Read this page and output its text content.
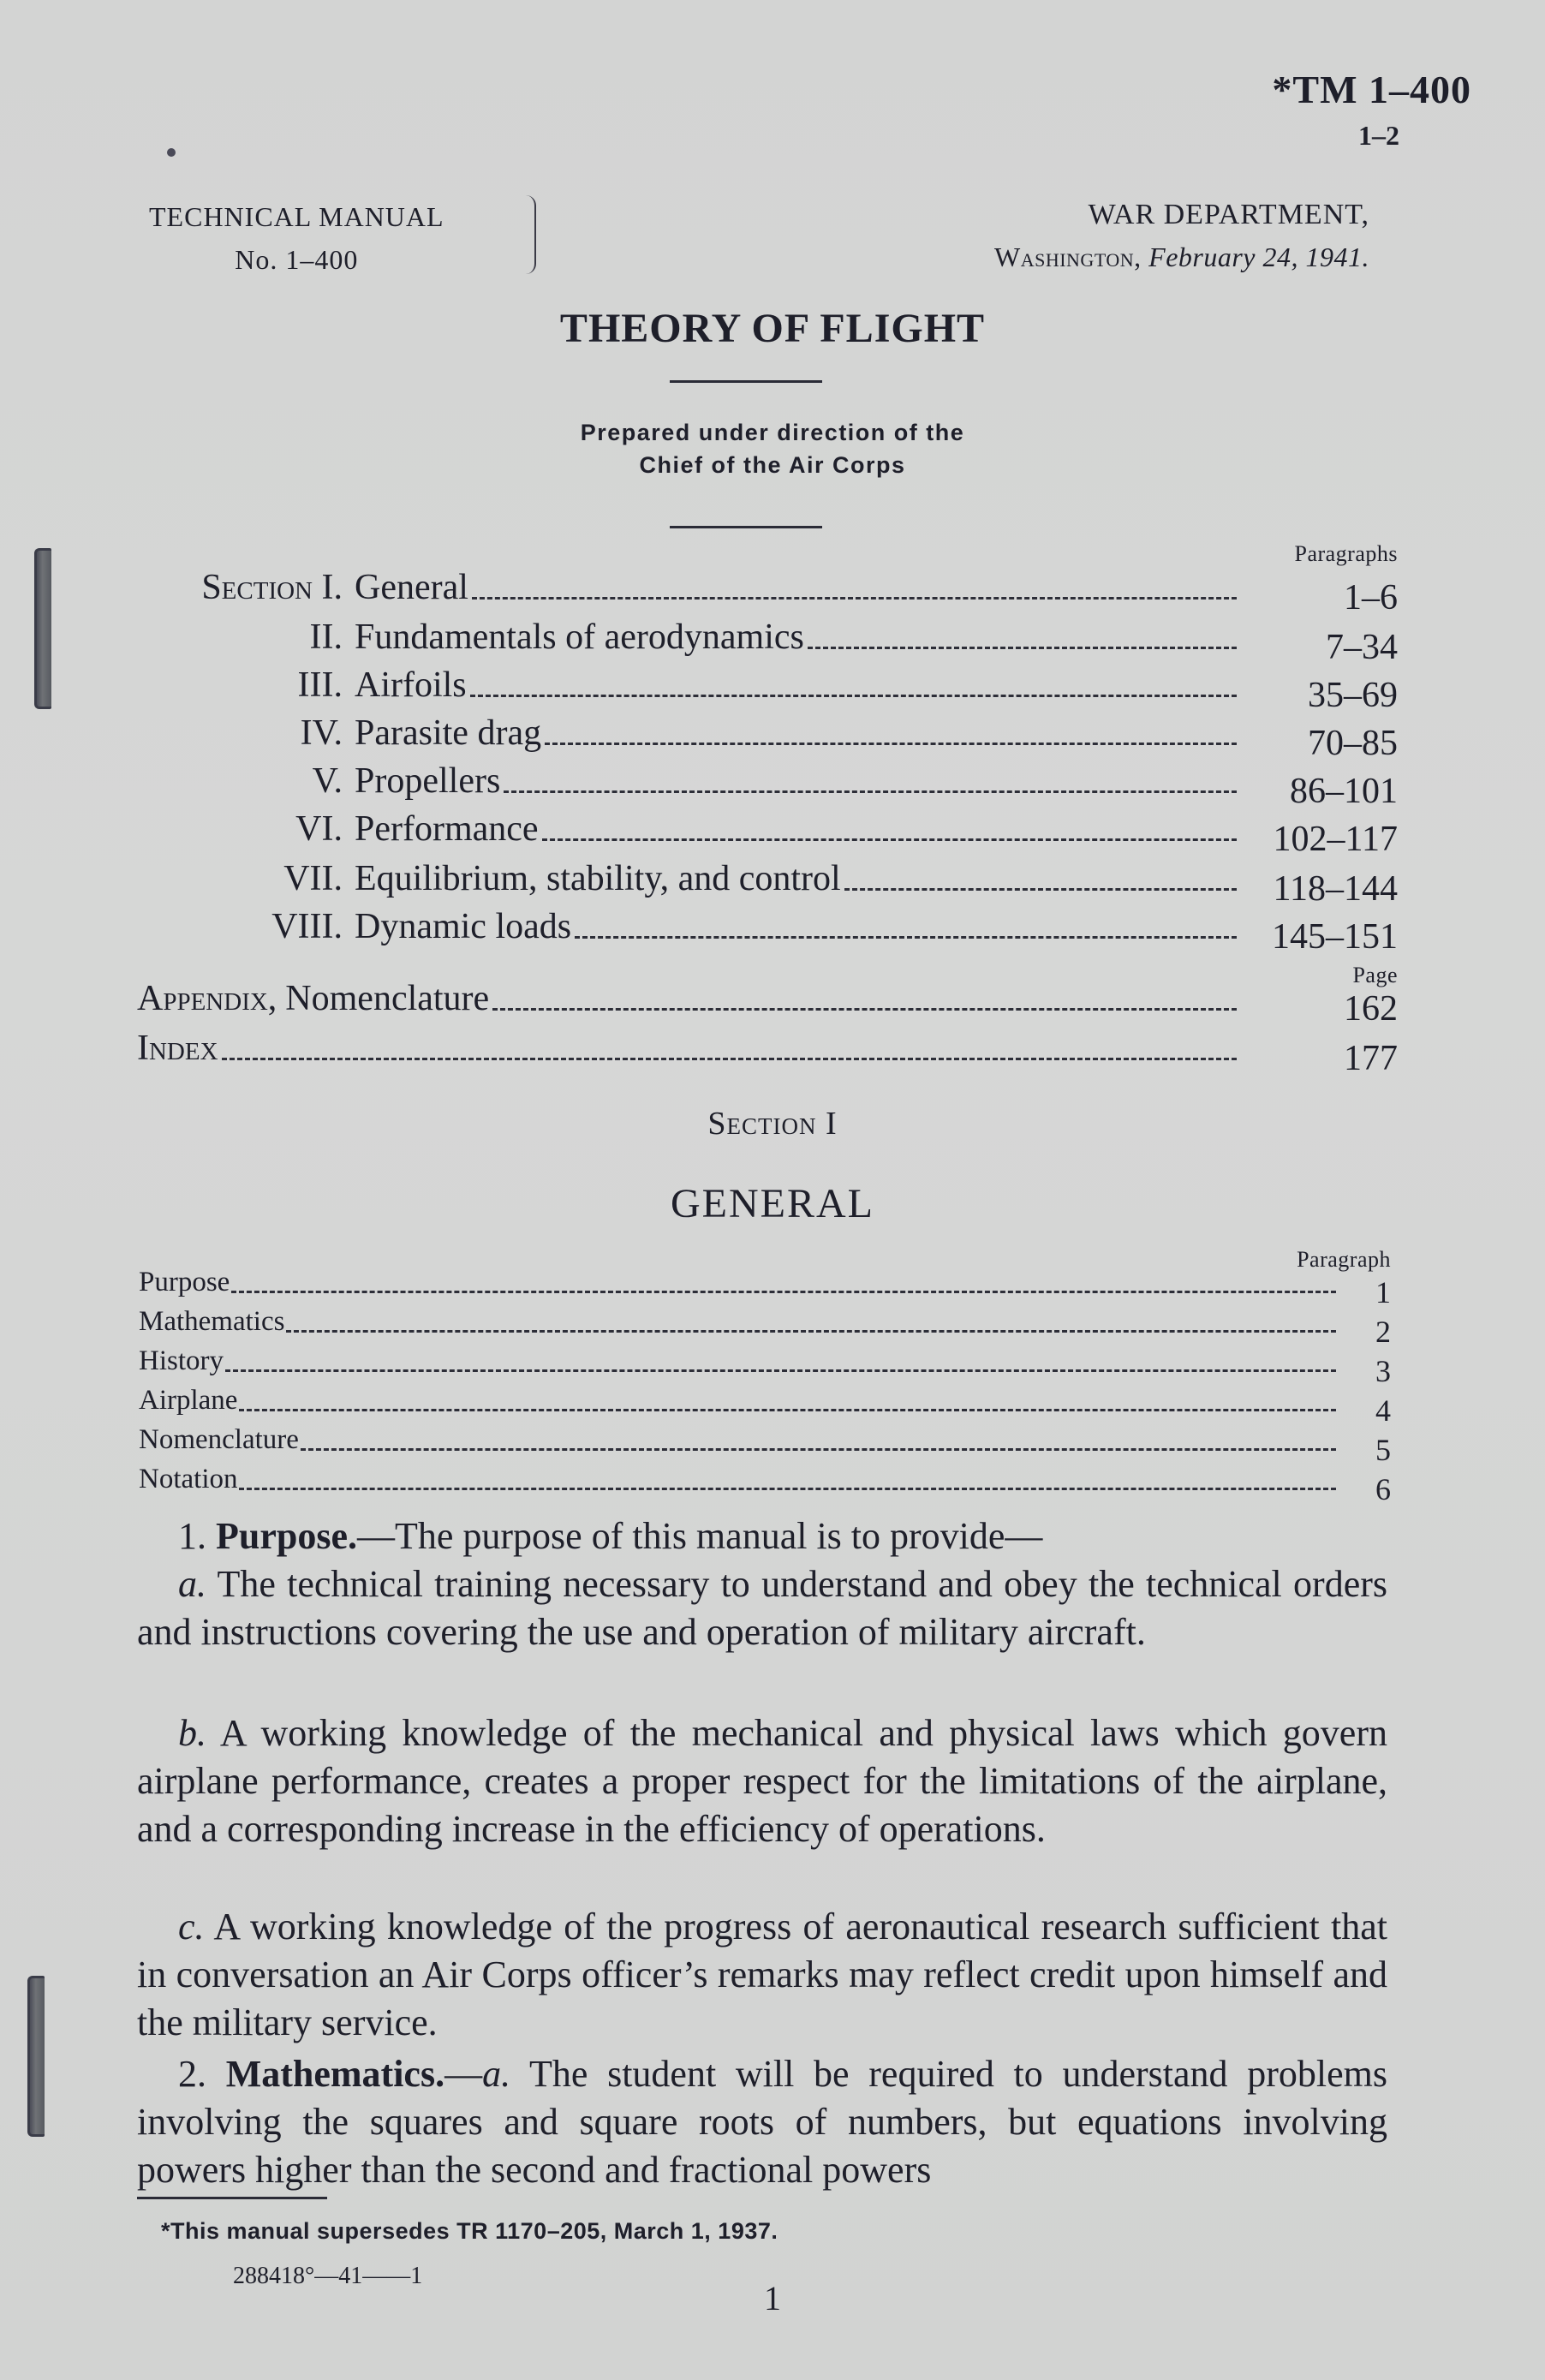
*TM 1–400
1–2
TECHNICAL MANUAL
No. 1–400
WAR DEPARTMENT,
Washington, February 24, 1941.
THEORY OF FLIGHT
Prepared under direction of the
Chief of the Air Corps
Paragraphs
Section I. General	1–6
II. Fundamentals of aerodynamics	7–34
III. Airfoils	35–69
IV. Parasite drag	70–85
V. Propellers	86–101
VI. Performance	102–117
VII. Equilibrium, stability, and control	118–144
VIII. Dynamic loads	145–151
Page
Appendix, Nomenclature	162
Index	177
Section I
GENERAL
Paragraph
Purpose	1
Mathematics	2
History	3
Airplane	4
Nomenclature	5
Notation	6
1. Purpose.—The purpose of this manual is to provide—
a. The technical training necessary to understand and obey the technical orders and instructions covering the use and operation of military aircraft.
b. A working knowledge of the mechanical and physical laws which govern airplane performance, creates a proper respect for the limitations of the airplane, and a corresponding increase in the efficiency of operations.
c. A working knowledge of the progress of aeronautical research sufficient that in conversation an Air Corps officer’s remarks may reflect credit upon himself and the military service.
2. Mathematics.—a. The student will be required to understand problems involving the squares and square roots of numbers, but equations involving powers higher than the second and fractional powers
*This manual supersedes TR 1170–205, March 1, 1937.
288418°—41——1
1
